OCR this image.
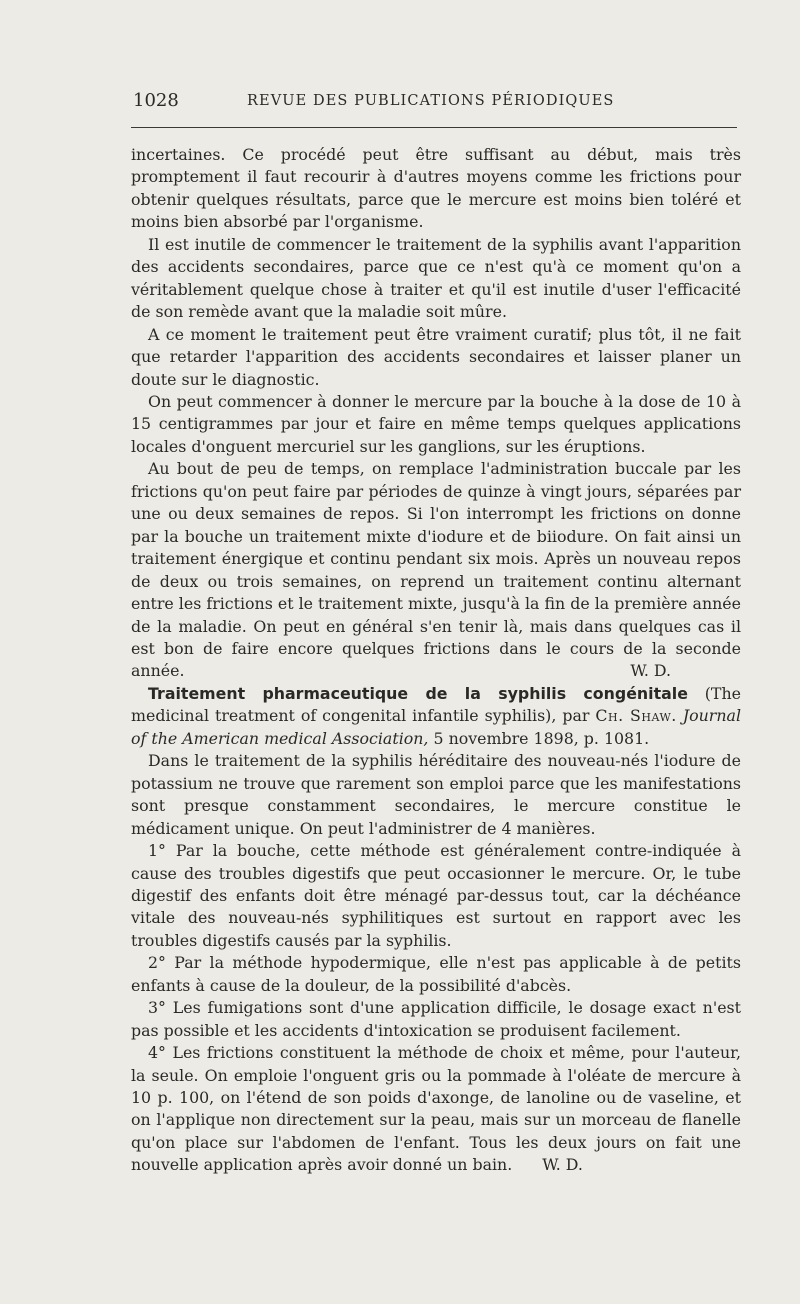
1028	REVUE DES PUBLICATIONS PÉRIODIQUES

incertaines. Ce procédé peut être suffisant au début, mais très promptement il faut recourir à d'autres moyens comme les frictions pour obtenir quelques résultats, parce que le mercure est moins bien toléré et moins bien absorbé par l'organisme.

Il est inutile de commencer le traitement de la syphilis avant l'apparition des accidents secondaires, parce que ce n'est qu'à ce moment qu'on a véritablement quelque chose à traiter et qu'il est inutile d'user l'efficacité de son remède avant que la maladie soit mûre.

A ce moment le traitement peut être vraiment curatif; plus tôt, il ne fait que retarder l'apparition des accidents secondaires et laisser planer un doute sur le diagnostic.

On peut commencer à donner le mercure par la bouche à la dose de 10 à 15 centigrammes par jour et faire en même temps quelques applications locales d'onguent mercuriel sur les ganglions, sur les éruptions.

Au bout de peu de temps, on remplace l'administration buccale par les frictions qu'on peut faire par périodes de quinze à vingt jours, séparées par une ou deux semaines de repos. Si l'on interrompt les frictions on donne par la bouche un traitement mixte d'iodure et de biiodure. On fait ainsi un traitement énergique et continu pendant six mois. Après un nouveau repos de deux ou trois semaines, on reprend un traitement continu alternant entre les frictions et le traitement mixte, jusqu'à la fin de la première année de la maladie. On peut en général s'en tenir là, mais dans quelques cas il est bon de faire encore quelques frictions dans le cours de la seconde année.	W. D.

Traitement pharmaceutique de la syphilis congénitale (The medicinal treatment of congenital infantile syphilis), par Ch. Shaw. Journal of the American medical Association, 5 novembre 1898, p. 1081.

Dans le traitement de la syphilis héréditaire des nouveau-nés l'iodure de potassium ne trouve que rarement son emploi parce que les manifestations sont presque constamment secondaires, le mercure constitue le médicament unique. On peut l'administrer de 4 manières.

1° Par la bouche, cette méthode est généralement contre-indiquée à cause des troubles digestifs que peut occasionner le mercure. Or, le tube digestif des enfants doit être ménagé par-dessus tout, car la déchéance vitale des nouveau-nés syphilitiques est surtout en rapport avec les troubles digestifs causés par la syphilis.

2° Par la méthode hypodermique, elle n'est pas applicable à de petits enfants à cause de la douleur, de la possibilité d'abcès.

3° Les fumigations sont d'une application difficile, le dosage exact n'est pas possible et les accidents d'intoxication se produisent facilement.

4° Les frictions constituent la méthode de choix et même, pour l'auteur, la seule. On emploie l'onguent gris ou la pommade à l'oléate de mercure à 10 p. 100, on l'étend de son poids d'axonge, de lanoline ou de vaseline, et on l'applique non directement sur la peau, mais sur un morceau de flanelle qu'on place sur l'abdomen de l'enfant. Tous les deux jours on fait une nouvelle application après avoir donné un bain. W. D.
